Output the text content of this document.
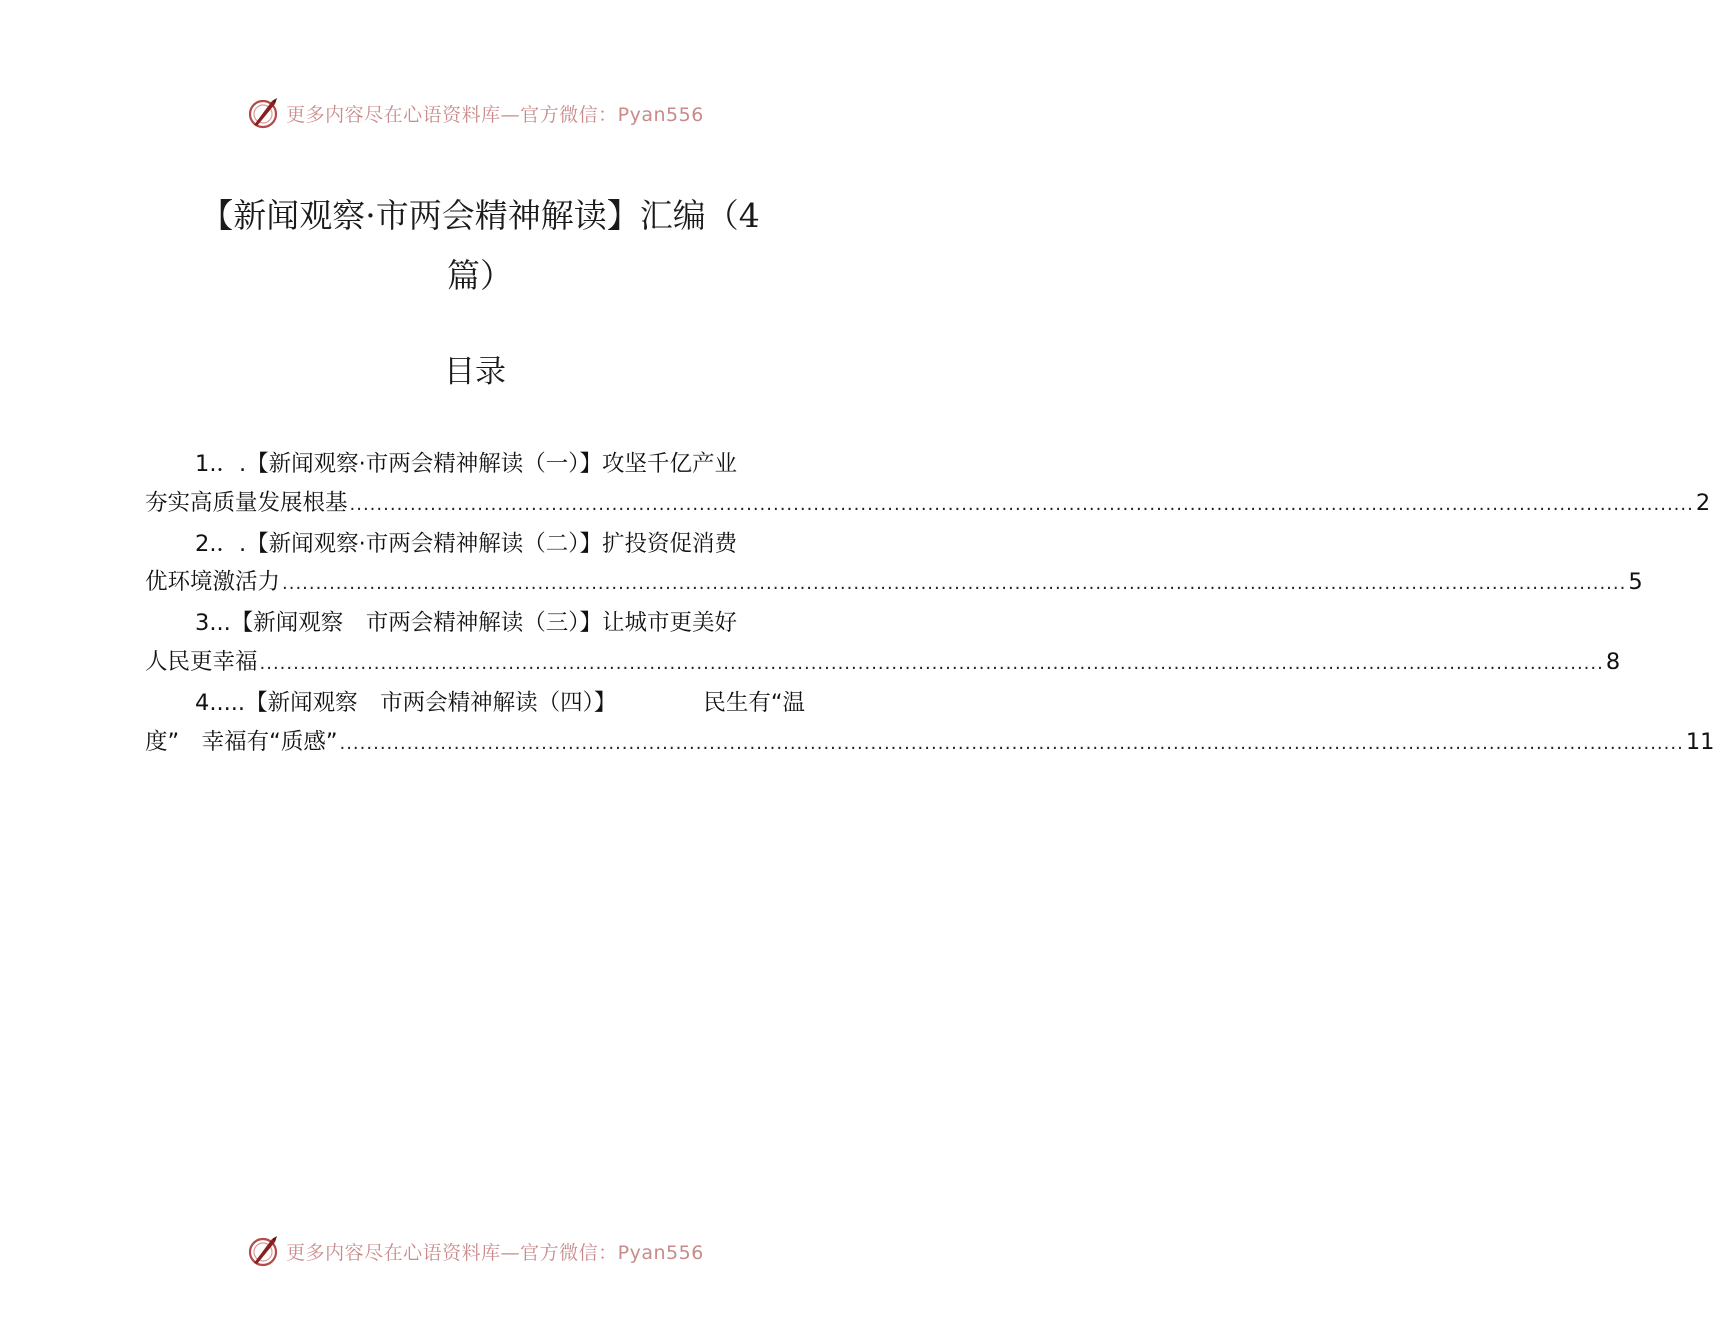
更多内容尽在心语资料库—官方微信：Pyan556
【新闻观察·市两会精神解读】汇编（4
篇）
目录
1.．.【新闻观察·市两会精神解读（一）】攻坚千亿产业
夯实高质量发展根基 ........................................................................................................................................................................................................ 2
2.．.【新闻观察·市两会精神解读（二）】扩投资促消费
优环境激活力 ........................................................................................................................................................................................................ 5
3...【新闻观察　市两会精神解读（三）】让城市更美好
人民更幸福 ........................................................................................................................................................................................................ 8
4.....【新闻观察　市两会精神解读（四）】	民生有“温
度”　幸福有“质感” ........................................................................................................................................................................................................ 11
更多内容尽在心语资料库—官方微信：Pyan556
